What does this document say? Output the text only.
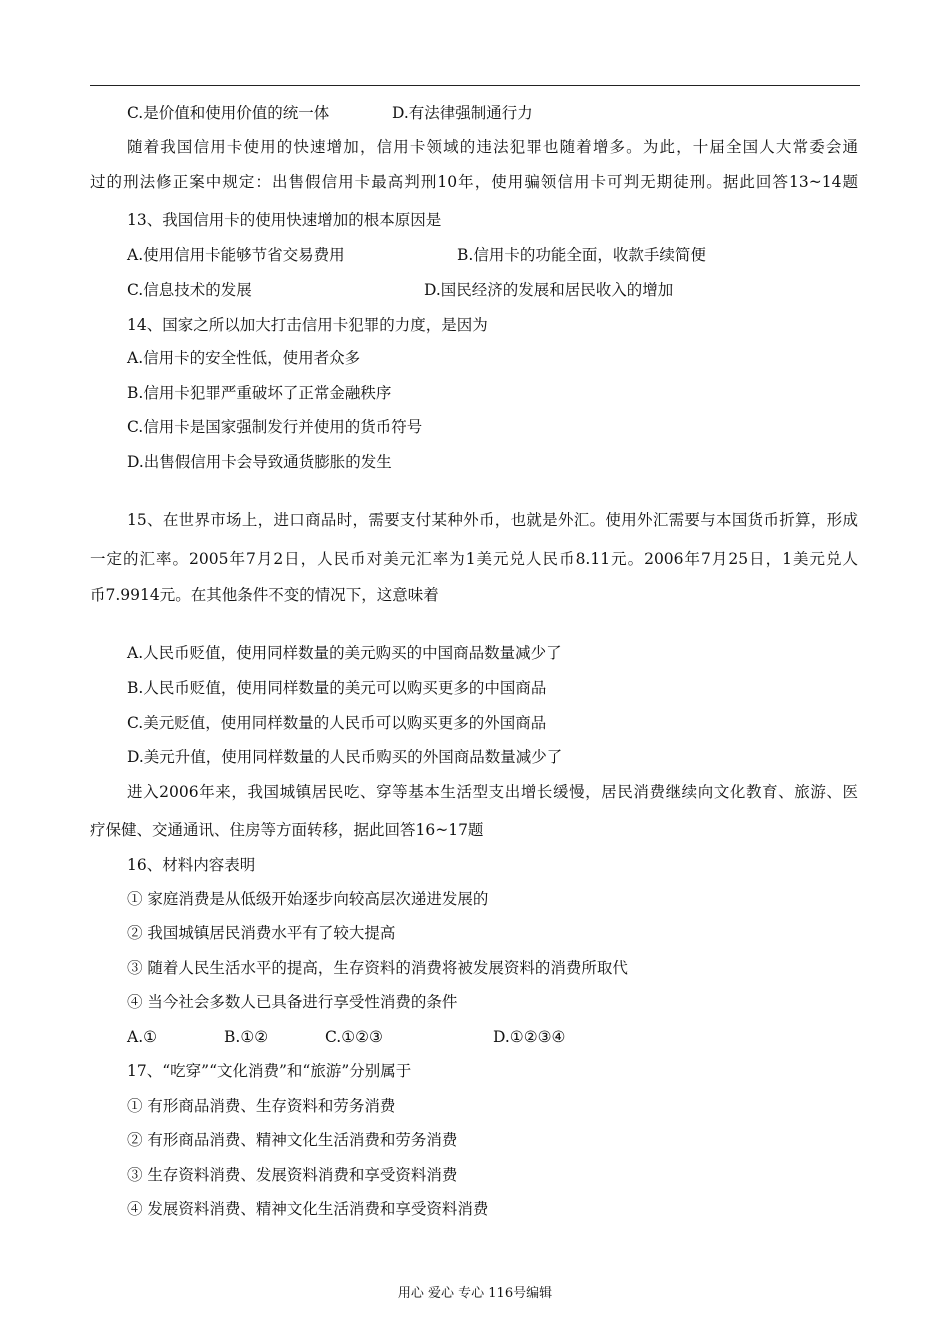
C.是价值和使用价值的统一体	D.有法律强制通行力
随着我国信用卡使用的快速增加，信用卡领域的违法犯罪也随着增多。为此，十届全国人大常委会通
过的刑法修正案中规定：出售假信用卡最高判刑10年，使用骗领信用卡可判无期徒刑。据此回答13~14题
13、我国信用卡的使用快速增加的根本原因是
A.使用信用卡能够节省交易费用	B.信用卡的功能全面，收款手续简便
C.信息技术的发展	D.国民经济的发展和居民收入的增加
14、国家之所以加大打击信用卡犯罪的力度，是因为
A.信用卡的安全性低，使用者众多
B.信用卡犯罪严重破坏了正常金融秩序
C.信用卡是国家强制发行并使用的货币符号
D.出售假信用卡会导致通货膨胀的发生
15、在世界市场上，进口商品时，需要支付某种外币，也就是外汇。使用外汇需要与本国货币折算，形成
一定的汇率。2005年7月2日，人民币对美元汇率为1美元兑人民币8.11元。2006年7月25日，1美元兑人
币7.9914元。在其他条件不变的情况下，这意味着
A.人民币贬值，使用同样数量的美元购买的中国商品数量减少了
B.人民币贬值，使用同样数量的美元可以购买更多的中国商品
C.美元贬值，使用同样数量的人民币可以购买更多的外国商品
D.美元升值，使用同样数量的人民币购买的外国商品数量减少了
进入2006年来，我国城镇居民吃、穿等基本生活型支出增长缓慢，居民消费继续向文化教育、旅游、医
疗保健、交通通讯、住房等方面转移，据此回答16~17题
16、材料内容表明
① 家庭消费是从低级开始逐步向较高层次递进发展的
② 我国城镇居民消费水平有了较大提高
③ 随着人民生活水平的提高，生存资料的消费将被发展资料的消费所取代
④ 当今社会多数人已具备进行享受性消费的条件
A.①	B.①②	C.①②③	D.①②③④
17、“吃穿”“文化消费”和“旅游”分别属于
① 有形商品消费、生存资料和劳务消费
② 有形商品消费、精神文化生活消费和劳务消费
③ 生存资料消费、发展资料消费和享受资料消费
④ 发展资料消费、精神文化生活消费和享受资料消费
用心 爱心 专心 116号编辑
